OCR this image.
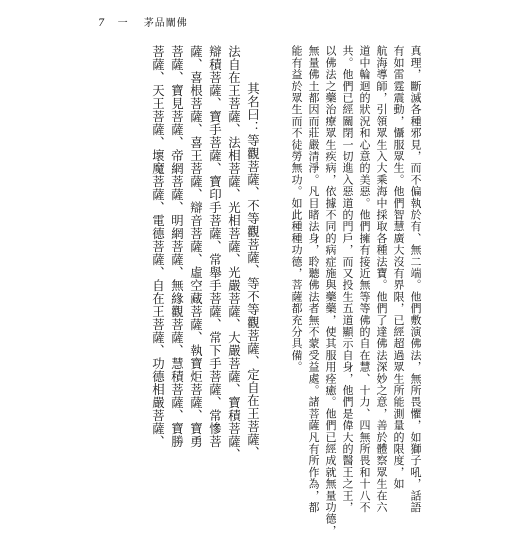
7 一　 茅品闡佛
真理，斷滅各種邪見，而不偏執於有、無二端。他們敷演佛法，無所畏懼，如獅子吼，話語
有如雷霆震動，懾服眾生。他們智慧廣大沒有界限，已經超過眾生所能測量的限度，如
航海導師，引領眾生入大乘海中採取各種法寶。他們了達佛法深妙之意，善於體察眾生在六
道中輪迴的狀況和心意的美惡。他們擁有接近無等等佛的自在慧、十力、四無所畏和十八不
共。他們已經關閉一切進入惡道的門戶，而又投生五道顯示自身，他們是偉大的醫王之王，
以佛法之藥治療眾生疾病，依據不同的病症施與藥藥，使其服用痊癒。他們已經成就無量功德，
無量佛土都因而莊嚴清淨。凡目睹法身，聆聽佛法者無不蒙受益處。諸菩薩凡有所作為，都
能有益於眾生而不徒勞無功。如此種種功德，菩薩都充分具備。
其名曰：等觀菩薩、不等觀菩薩、等不等觀菩薩、定自在王菩薩、
法自在王菩薩、法相菩薩、光相菩薩、光嚴菩薩、大嚴菩薩、寶積菩薩、
辯積菩薩、寶手菩薩、寶印手菩薩、常舉手菩薩、常下手菩薩、常慘菩
薩、喜根菩薩、喜王菩薩、辯音菩薩、虛空藏菩薩、執寶炬菩薩、寶勇
菩薩、寶見菩薩、帝網菩薩、明網菩薩、無緣觀菩薩、慧積菩薩、寶勝
菩薩、天王菩薩、壞魔菩薩、電德菩薩、自在王菩薩、功德相嚴菩薩、
